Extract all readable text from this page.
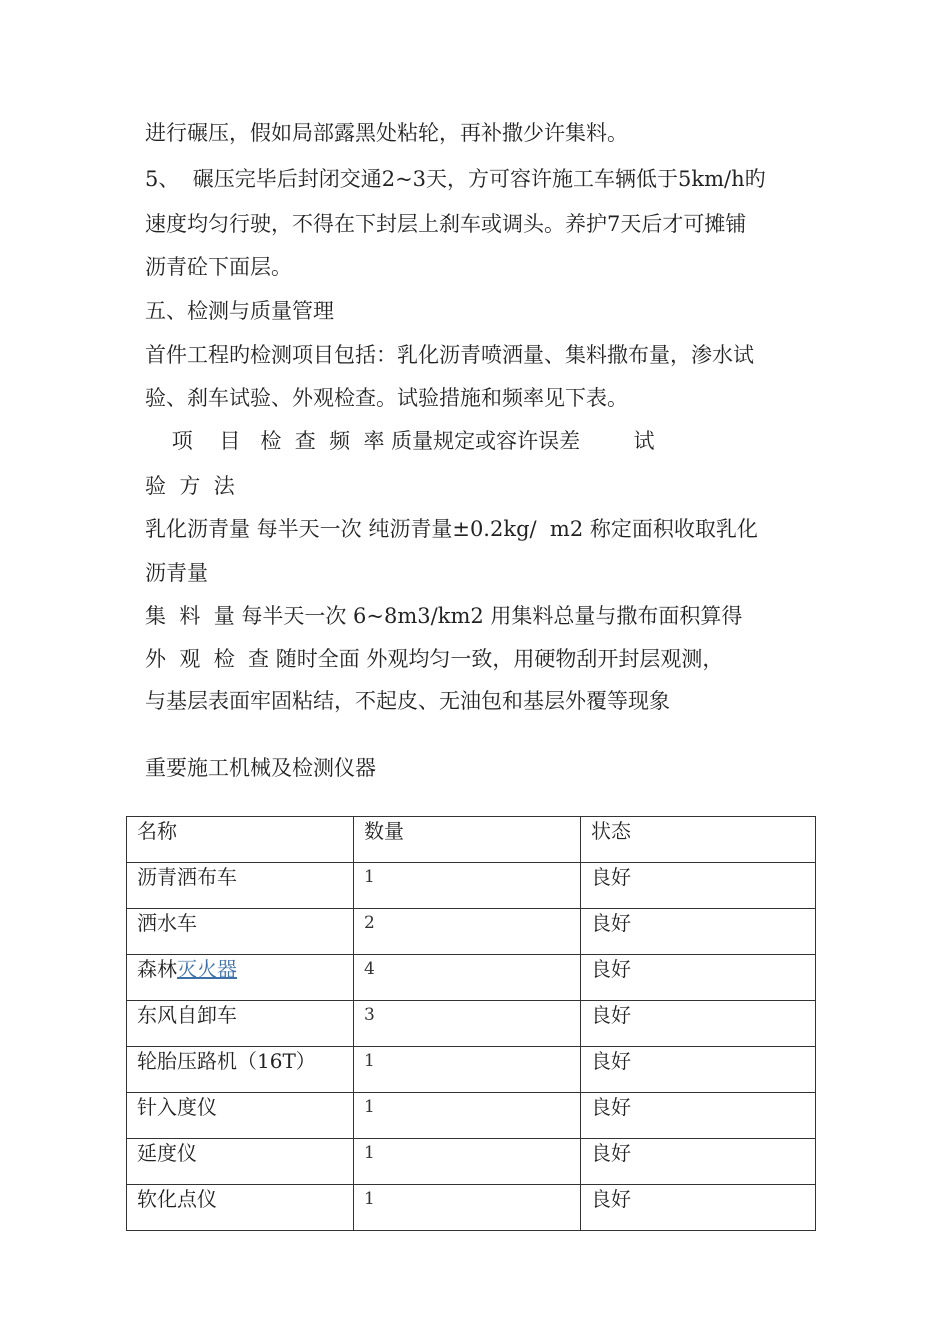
进行碾压，假如局部露黑处粘轮，再补撒少许集料。
5、  碾压完毕后封闭交通2~3天，方可容许施工车辆低于5km/h旳
速度均匀行驶，不得在下封层上刹车或调头。养护7天后才可摊铺
沥青砼下面层。
五、检测与质量管理
首件工程旳检测项目包括：乳化沥青喷洒量、集料撒布量，渗水试
验、刹车试验、外观检查。试验措施和频率见下表。
项    目   检  查  频  率 质量规定或容许误差        试
验  方  法
乳化沥青量 每半天一次 纯沥青量±0.2kg/  m2 称定面积收取乳化
沥青量
集  料  量 每半天一次 6~8m3/km2 用集料总量与撒布面积算得
外  观  检  查 随时全面 外观均匀一致，用硬物刮开封层观测，
与基层表面牢固粘结，不起皮、无油包和基层外覆等现象
重要施工机械及检测仪器
名称	数量	状态
沥青洒布车	1	良好
洒水车	2	良好
森林灭火器	4	良好
东风自卸车	3	良好
轮胎压路机（16T）	1	良好
针入度仪	1	良好
延度仪	1	良好
软化点仪	1	良好
